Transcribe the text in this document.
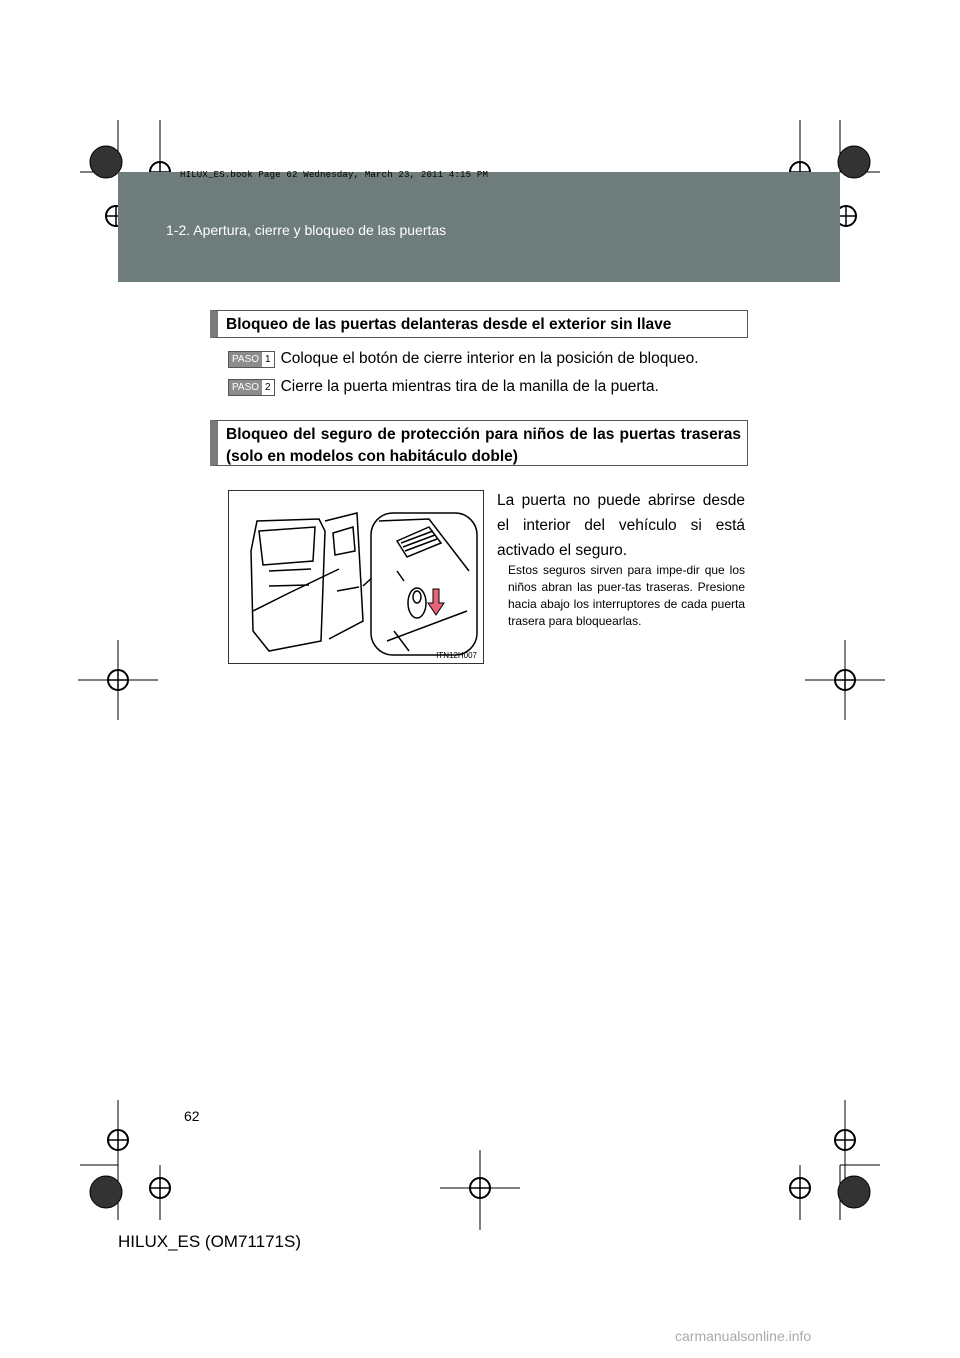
HILUX_ES.book Page 62 Wednesday, March 23, 2011 4:15 PM
1-2. Apertura, cierre y bloqueo de las puertas
Bloqueo de las puertas delanteras desde el exterior sin llave
PASO 1 Coloque el botón de cierre interior en la posición de bloqueo.
PASO 2 Cierre la puerta mientras tira de la manilla de la puerta.
Bloqueo del seguro de protección para niños de las puertas traseras (solo en modelos con habitáculo doble)
ITN12H007
La puerta no puede abrirse desde el interior del vehículo si está activado el seguro.
Estos seguros sirven para impe-dir que los niños abran las puer-tas traseras. Presione hacia abajo los interruptores de cada puerta trasera para bloquearlas.
62
HILUX_ES (OM71171S)
carmanualsonline.info
